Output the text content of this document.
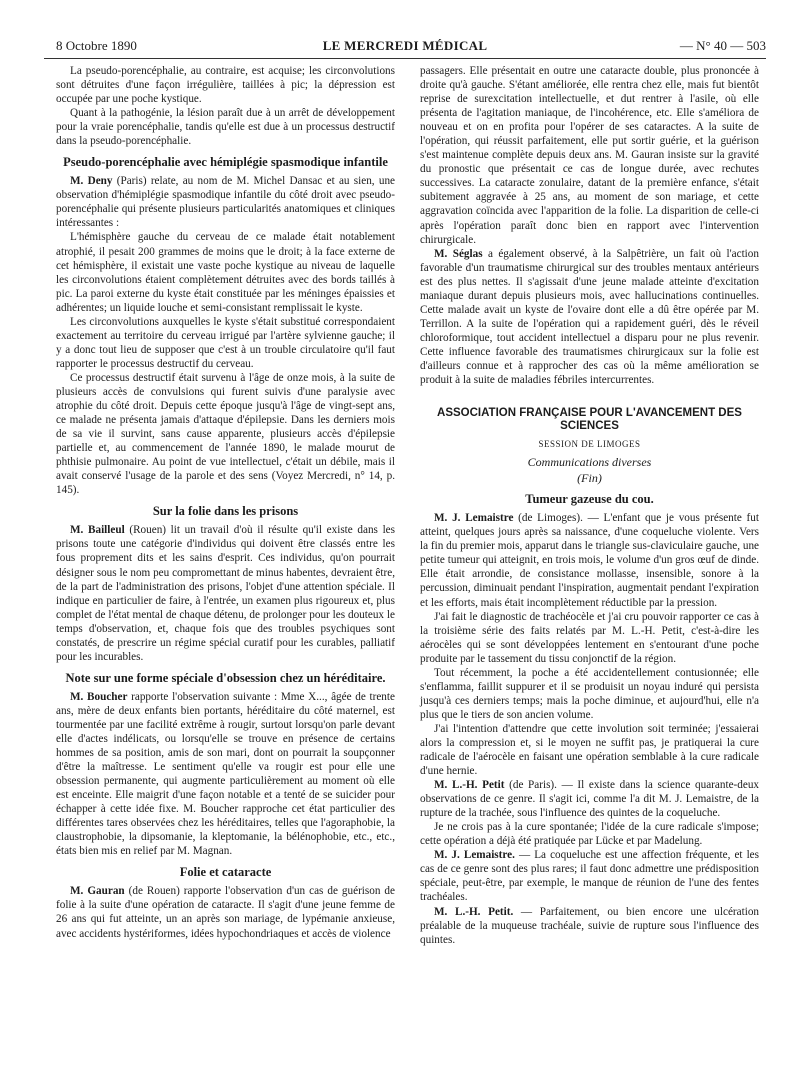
8 Octobre 1890	LE MERCREDI MÉDICAL	— N° 40 — 503

La pseudo-porencéphalie, au contraire, est acquise; les circonvolutions sont détruites d'une façon irrégulière, taillées à pic; la dépression est occupée par une poche kystique.

Quant à la pathogénie, la lésion paraît due à un arrêt de développement pour la vraie porencéphalie, tandis qu'elle est due à un processus destructif dans la pseudo-porencéphalie.

Pseudo-porencéphalie avec hémiplégie spasmodique infantile

M. Deny (Paris) relate, au nom de M. Michel Dansac et au sien, une observation d'hémiplégie spasmodique infantile du côté droit avec pseudo-porencéphalie qui présente plusieurs particularités anatomiques et cliniques intéressantes :

L'hémisphère gauche du cerveau de ce malade était notablement atrophié, il pesait 200 grammes de moins que le droit; à la face externe de cet hémisphère, il existait une vaste poche kystique au niveau de laquelle les circonvolutions étaient complètement détruites avec des bords taillés à pic. La paroi externe du kyste était constituée par les méninges épaissies et adhérentes; un liquide louche et semi-consistant remplissait le kyste.

Les circonvolutions auxquelles le kyste s'était substitué correspondaient exactement au territoire du cerveau irrigué par l'artère sylvienne gauche; il y a donc tout lieu de supposer que c'est à un trouble circulatoire qu'il faut rapporter le processus destructif du cerveau.

Ce processus destructif était survenu à l'âge de onze mois, à la suite de plusieurs accès de convulsions qui furent suivis d'une paralysie avec atrophie du côté droit. Depuis cette époque jusqu'à l'âge de vingt-sept ans, ce malade ne présenta jamais d'attaque d'épilepsie. Dans les derniers mois de sa vie il survint, sans cause apparente, plusieurs accès d'épilepsie partielle et, au commencement de l'année 1890, le malade mourut de phthisie pulmonaire. Au point de vue intellectuel, c'était un débile, mais il avait conservé l'usage de la parole et des sens (Voyez Mercredi, n° 14, p. 145).

Sur la folie dans les prisons

M. Bailleul (Rouen) lit un travail d'où il résulte qu'il existe dans les prisons toute une catégorie d'individus qui doivent être classés entre les fous proprement dits et les sains d'esprit. Ces individus, qu'on pourrait désigner sous le nom peu compromettant de minus habentes, devraient être, de la part de l'administration des prisons, l'objet d'une attention spéciale. Il indique en particulier de faire, à l'entrée, un examen plus rigoureux et, plus complet de l'état mental de chaque détenu, de prolonger pour les douteux le temps d'observation, et, chaque fois que des troubles psychiques sont constatés, de prescrire un régime spécial curatif pour les curables, palliatif pour les incurables.

Note sur une forme spéciale d'obsession chez un héréditaire.

M. Boucher rapporte l'observation suivante : Mme X..., âgée de trente ans, mère de deux enfants bien portants, héréditaire du côté maternel, est tourmentée par une facilité extrême à rougir, surtout lorsqu'on parle devant elle d'actes indélicats, ou lorsqu'elle se trouve en présence de certains hommes de sa position, amis de son mari, dont on pourrait la soupçonner d'être la maîtresse. Le sentiment qu'elle va rougir est pour elle une obsession permanente, qui augmente particulièrement au moment où elle est enceinte. Elle maigrit d'une façon notable et a tenté de se suicider pour échapper à cette idée fixe. M. Boucher rapproche cet état particulier des différentes tares observées chez les héréditaires, telles que l'agoraphobie, la claustrophobie, la dipsomanie, la kleptomanie, la bélénophobie, etc., etc., états bien mis en relief par M. Magnan.

Folie et cataracte

M. Gauran (de Rouen) rapporte l'observation d'un cas de guérison de folie à la suite d'une opération de cataracte. Il s'agit d'une jeune femme de 26 ans qui fut atteinte, un an après son mariage, de lypémanie anxieuse, avec accidents hystériformes, idées hypochondriaques et accès de violence

passagers. Elle présentait en outre une cataracte double, plus prononcée à droite qu'à gauche. S'étant améliorée, elle rentra chez elle, mais fut bientôt reprise de surexcitation intellectuelle, et dut rentrer à l'asile, où elle présenta de l'agitation maniaque, de l'incohérence, etc. Elle s'améliora de nouveau et on en profita pour l'opérer de ses cataractes. A la suite de l'opération, qui réussit parfaitement, elle put sortir guérie, et la guérison s'est maintenue complète depuis deux ans. M. Gauran insiste sur la gravité du pronostic que présentait ce cas de longue durée, avec rechutes successives. La cataracte zonulaire, datant de la première enfance, s'était subitement aggravée à 25 ans, au moment de son mariage, et cette aggravation coïncida avec l'apparition de la folie. La disparition de celle-ci après l'opération paraît donc bien en rapport avec l'intervention chirurgicale.

M. Séglas a également observé, à la Salpêtrière, un fait où l'action favorable d'un traumatisme chirurgical sur des troubles mentaux antérieurs est des plus nettes. Il s'agissait d'une jeune malade atteinte d'excitation maniaque durant depuis plusieurs mois, avec hallucinations continuelles. Cette malade avait un kyste de l'ovaire dont elle a dû être opérée par M. Terrillon. A la suite de l'opération qui a rapidement guéri, dès le réveil chloroformique, tout accident intellectuel a disparu pour ne plus revenir. Cette influence favorable des traumatismes chirurgicaux sur la folie est d'ailleurs connue et à rapprocher des cas où la même amélioration se produit à la suite de maladies fébriles intercurrentes.

ASSOCIATION FRANÇAISE POUR L'AVANCEMENT DES SCIENCES
SESSION DE LIMOGES
Communications diverses
(Fin)
Tumeur gazeuse du cou.

M. J. Lemaistre (de Limoges). — L'enfant que je vous présente fut atteint, quelques jours après sa naissance, d'une coqueluche violente. Vers la fin du premier mois, apparut dans le triangle sus-claviculaire gauche, une petite tumeur qui atteignit, en trois mois, le volume d'un gros œuf de dinde. Elle était arrondie, de consistance mollasse, insensible, sonore à la percussion, diminuait pendant l'inspiration, augmentait pendant l'expiration et les efforts, mais était incomplètement réductible par la pression.

J'ai fait le diagnostic de trachéocèle et j'ai cru pouvoir rapporter ce cas à la troisième série des faits relatés par M. L.-H. Petit, c'est-à-dire les aérocèles qui se sont développées lentement en s'entourant d'une poche produite par le tassement du tissu conjonctif de la région.

Tout récemment, la poche a été accidentellement contusionnée; elle s'enflamma, faillit suppurer et il se produisit un noyau induré qui persista jusqu'à ces derniers temps; mais la poche diminue, et aujourd'hui, elle n'a plus que le tiers de son ancien volume.

J'ai l'intention d'attendre que cette involution soit terminée; j'essaierai alors la compression et, si le moyen ne suffit pas, je pratiquerai la cure radicale de l'aérocèle en faisant une opération semblable à la cure radicale d'une hernie.

M. L.-H. Petit (de Paris). — Il existe dans la science quarante-deux observations de ce genre. Il s'agit ici, comme l'a dit M. J. Lemaistre, de la rupture de la trachée, sous l'influence des quintes de la coqueluche.

Je ne crois pas à la cure spontanée; l'idée de la cure radicale s'impose; cette opération a déjà été pratiquée par Lücke et par Madelung.

M. J. Lemaistre. — La coqueluche est une affection fréquente, et les cas de ce genre sont des plus rares; il faut donc admettre une prédisposition spéciale, peut-être, par exemple, le manque de réunion de l'une des fentes trachéales.

M. L.-H. Petit. — Parfaitement, ou bien encore une ulcération préalable de la muqueuse trachéale, suivie de rupture sous l'influence des quintes.
